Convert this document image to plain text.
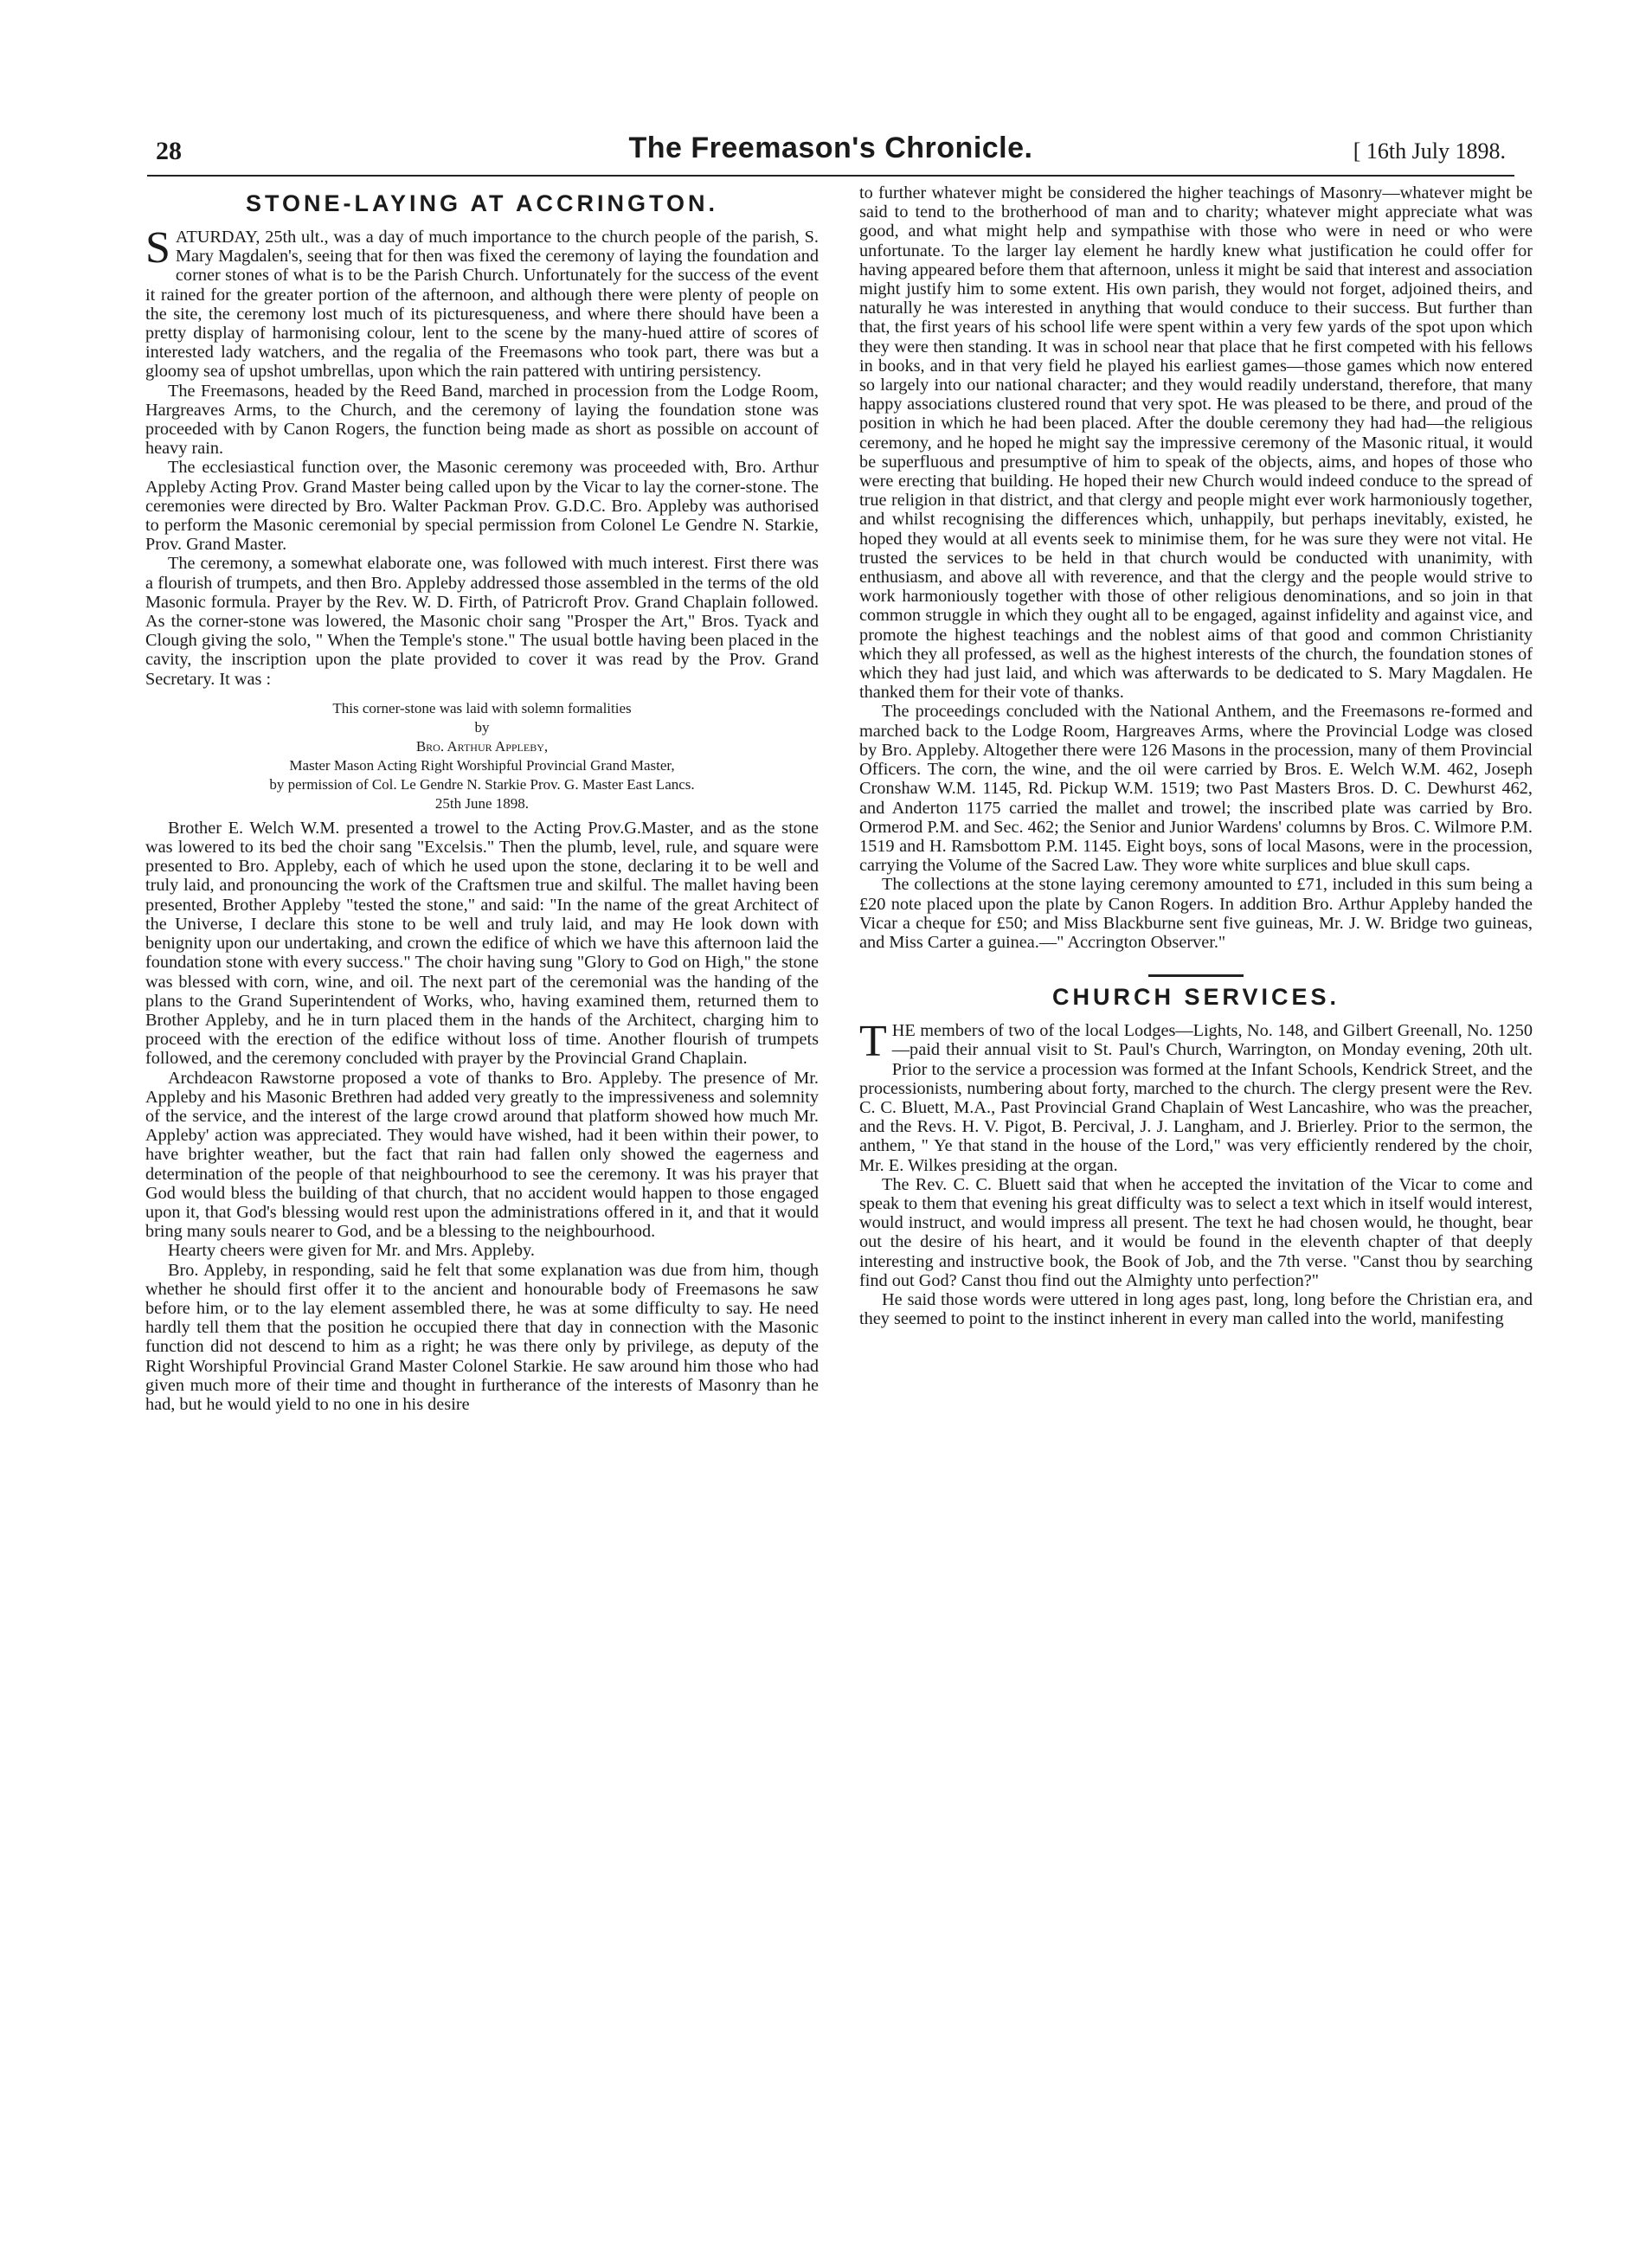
28	The Freemason's Chronicle.	[ 16th July 1898.
STONE-LAYING AT ACCRINGTON.

SATURDAY, 25th ult., was a day of much importance to the church people of the parish, S. Mary Magdalen's, seeing that for then was fixed the ceremony of laying the foundation and corner stones of what is to be the Parish Church. Unfortunately for the success of the event it rained for the greater portion of the afternoon, and although there were plenty of people on the site, the ceremony lost much of its picturesqueness, and where there should have been a pretty display of harmonising colour, lent to the scene by the many-hued attire of scores of interested lady watchers, and the regalia of the Freemasons who took part, there was but a gloomy sea of upshot umbrellas, upon which the rain pattered with untiring persistency.

The Freemasons, headed by the Reed Band, marched in procession from the Lodge Room, Hargreaves Arms, to the Church, and the ceremony of laying the foundation stone was proceeded with by Canon Rogers, the function being made as short as possible on account of heavy rain.

The ecclesiastical function over, the Masonic ceremony was proceeded with, Bro. Arthur Appleby Acting Prov. Grand Master being called upon by the Vicar to lay the corner-stone. The ceremonies were directed by Bro. Walter Packman Prov. G.D.C. Bro. Appleby was authorised to perform the Masonic ceremonial by special permission from Colonel Le Gendre N. Starkie, Prov. Grand Master.

The ceremony, a somewhat elaborate one, was followed with much interest. First there was a flourish of trumpets, and then Bro. Appleby addressed those assembled in the terms of the old Masonic formula. Prayer by the Rev. W. D. Firth, of Patricroft Prov. Grand Chaplain followed. As the corner-stone was lowered, the Masonic choir sang "Prosper the Art," Bros. Tyack and Clough giving the solo, " When the Temple's stone." The usual bottle having been placed in the cavity, the inscription upon the plate provided to cover it was read by the Prov. Grand Secretary. It was :

This corner-stone was laid with solemn formalities
by
Bro. Arthur Appleby,
Master Mason Acting Right Worshipful Provincial Grand Master,
by permission of Col. Le Gendre N. Starkie Prov. G. Master East Lancs.
25th June 1898.

Brother E. Welch W.M. presented a trowel to the Acting Prov.G.Master, and as the stone was lowered to its bed the choir sang "Excelsis." Then the plumb, level, rule, and square were presented to Bro. Appleby, each of which he used upon the stone, declaring it to be well and truly laid, and pronouncing the work of the Craftsmen true and skilful. The mallet having been presented, Brother Appleby "tested the stone," and said: "In the name of the great Architect of the Universe, I declare this stone to be well and truly laid, and may He look down with benignity upon our undertaking, and crown the edifice of which we have this afternoon laid the foundation stone with every success." The choir having sung "Glory to God on High," the stone was blessed with corn, wine, and oil. The next part of the ceremonial was the handing of the plans to the Grand Superintendent of Works, who, having examined them, returned them to Brother Appleby, and he in turn placed them in the hands of the Architect, charging him to proceed with the erection of the edifice without loss of time. Another flourish of trumpets followed, and the ceremony concluded with prayer by the Provincial Grand Chaplain.

Archdeacon Rawstorne proposed a vote of thanks to Bro. Appleby. The presence of Mr. Appleby and his Masonic Brethren had added very greatly to the impressiveness and solemnity of the service, and the interest of the large crowd around that platform showed how much Mr. Appleby' action was appreciated. They would have wished, had it been within their power, to have brighter weather, but the fact that rain had fallen only showed the eagerness and determination of the people of that neighbourhood to see the ceremony. It was his prayer that God would bless the building of that church, that no accident would happen to those engaged upon it, that God's blessing would rest upon the administrations offered in it, and that it would bring many souls nearer to God, and be a blessing to the neighbourhood.

Hearty cheers were given for Mr. and Mrs. Appleby.

Bro. Appleby, in responding, said he felt that some explanation was due from him, though whether he should first offer it to the ancient and honourable body of Freemasons he saw before him, or to the lay element assembled there, he was at some difficulty to say. He need hardly tell them that the position he occupied there that day in connection with the Masonic function did not descend to him as a right; he was there only by privilege, as deputy of the Right Worshipful Provincial Grand Master Colonel Starkie. He saw around him those who had given much more of their time and thought in furtherance of the interests of Masonry than he had, but he would yield to no one in his desire

to further whatever might be considered the higher teachings of Masonry—whatever might be said to tend to the brotherhood of man and to charity; whatever might appreciate what was good, and what might help and sympathise with those who were in need or who were unfortunate. To the larger lay element he hardly knew what justification he could offer for having appeared before them that afternoon, unless it might be said that interest and association might justify him to some extent. His own parish, they would not forget, adjoined theirs, and naturally he was interested in anything that would conduce to their success. But further than that, the first years of his school life were spent within a very few yards of the spot upon which they were then standing. It was in school near that place that he first competed with his fellows in books, and in that very field he played his earliest games—those games which now entered so largely into our national character; and they would readily understand, therefore, that many happy associations clustered round that very spot. He was pleased to be there, and proud of the position in which he had been placed. After the double ceremony they had had—the religious ceremony, and he hoped he might say the impressive ceremony of the Masonic ritual, it would be superfluous and presumptive of him to speak of the objects, aims, and hopes of those who were erecting that building. He hoped their new Church would indeed conduce to the spread of true religion in that district, and that clergy and people might ever work harmoniously together, and whilst recognising the differences which, unhappily, but perhaps inevitably, existed, he hoped they would at all events seek to minimise them, for he was sure they were not vital. He trusted the services to be held in that church would be conducted with unanimity, with enthusiasm, and above all with reverence, and that the clergy and the people would strive to work harmoniously together with those of other religious denominations, and so join in that common struggle in which they ought all to be engaged, against infidelity and against vice, and promote the highest teachings and the noblest aims of that good and common Christianity which they all professed, as well as the highest interests of the church, the foundation stones of which they had just laid, and which was afterwards to be dedicated to S. Mary Magdalen. He thanked them for their vote of thanks.

The proceedings concluded with the National Anthem, and the Freemasons re-formed and marched back to the Lodge Room, Hargreaves Arms, where the Provincial Lodge was closed by Bro. Appleby. Altogether there were 126 Masons in the procession, many of them Provincial Officers. The corn, the wine, and the oil were carried by Bros. E. Welch W.M. 462, Joseph Cronshaw W.M. 1145, Rd. Pickup W.M. 1519; two Past Masters Bros. D. C. Dewhurst 462, and Anderton 1175 carried the mallet and trowel; the inscribed plate was carried by Bro. Ormerod P.M. and Sec. 462; the Senior and Junior Wardens' columns by Bros. C. Wilmore P.M. 1519 and H. Ramsbottom P.M. 1145. Eight boys, sons of local Masons, were in the procession, carrying the Volume of the Sacred Law. They wore white surplices and blue skull caps.

The collections at the stone laying ceremony amounted to £71, included in this sum being a £20 note placed upon the plate by Canon Rogers. In addition Bro. Arthur Appleby handed the Vicar a cheque for £50; and Miss Blackburne sent five guineas, Mr. J. W. Bridge two guineas, and Miss Carter a guinea.—" Accrington Observer."

CHURCH SERVICES.

THE members of two of the local Lodges—Lights, No. 148, and Gilbert Greenall, No. 1250—paid their annual visit to St. Paul's Church, Warrington, on Monday evening, 20th ult. Prior to the service a procession was formed at the Infant Schools, Kendrick Street, and the processionists, numbering about forty, marched to the church. The clergy present were the Rev. C. C. Bluett, M.A., Past Provincial Grand Chaplain of West Lancashire, who was the preacher, and the Revs. H. V. Pigot, B. Percival, J. J. Langham, and J. Brierley. Prior to the sermon, the anthem, " Ye that stand in the house of the Lord," was very efficiently rendered by the choir, Mr. E. Wilkes presiding at the organ.

The Rev. C. C. Bluett said that when he accepted the invitation of the Vicar to come and speak to them that evening his great difficulty was to select a text which in itself would interest, would instruct, and would impress all present. The text he had chosen would, he thought, bear out the desire of his heart, and it would be found in the eleventh chapter of that deeply interesting and instructive book, the Book of Job, and the 7th verse. "Canst thou by searching find out God? Canst thou find out the Almighty unto perfection?"

He said those words were uttered in long ages past, long, long before the Christian era, and they seemed to point to the instinct inherent in every man called into the world, manifesting
